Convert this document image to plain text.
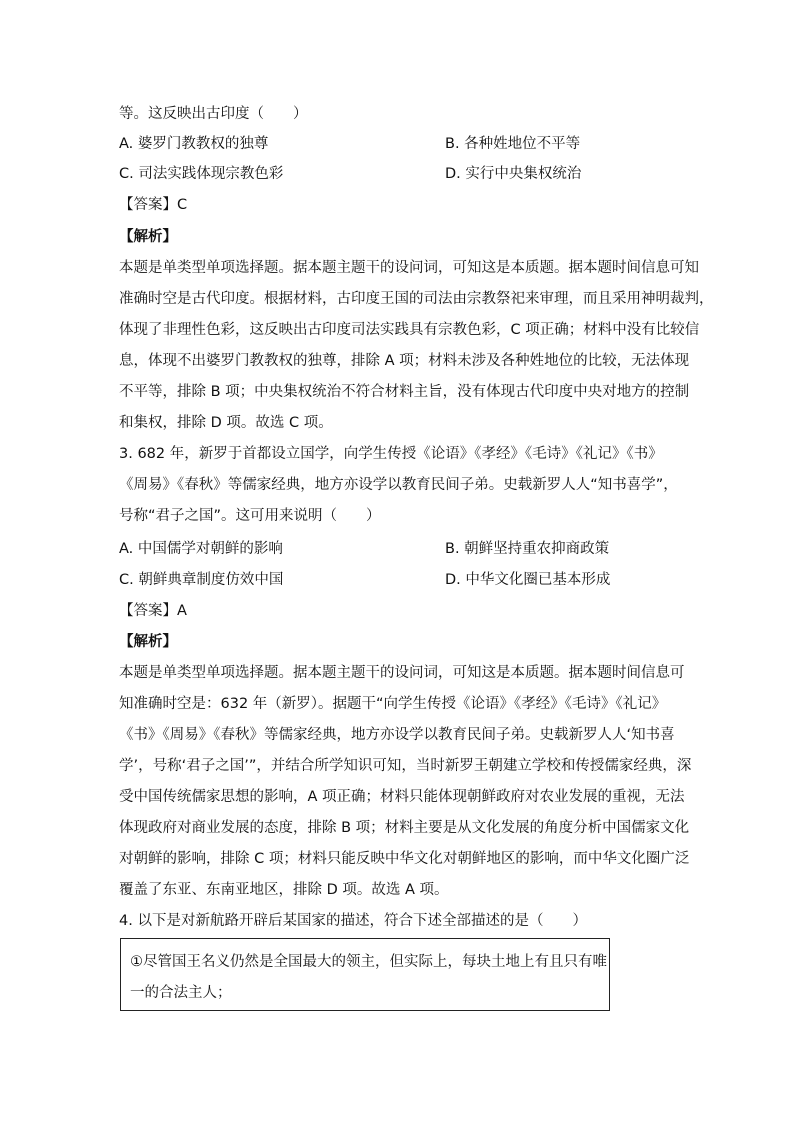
等。这反映出古印度（　　）
A. 婆罗门教教权的独尊	B. 各种姓地位不平等
C. 司法实践体现宗教色彩	D. 实行中央集权统治
【答案】C
【解析】
本题是单类型单项选择题。据本题主题干的设问词，可知这是本质题。据本题时间信息可知
准确时空是古代印度。根据材料，古印度王国的司法由宗教祭祀来审理，而且采用神明裁判，
体现了非理性色彩，这反映出古印度司法实践具有宗教色彩，C 项正确；材料中没有比较信
息，体现不出婆罗门教教权的独尊，排除 A 项；材料未涉及各种姓地位的比较，无法体现
不平等，排除 B 项；中央集权统治不符合材料主旨，没有体现古代印度中央对地方的控制
和集权，排除 D 项。故选 C 项。
3. 682 年，新罗于首都设立国学，向学生传授《论语》《孝经》《毛诗》《礼记》《书》
《周易》《春秋》等儒家经典，地方亦设学以教育民间子弟。史载新罗人人“知书喜学”，
号称“君子之国”。这可用来说明（　　）
A. 中国儒学对朝鲜的影响	B. 朝鲜坚持重农抑商政策
C. 朝鲜典章制度仿效中国	D. 中华文化圈已基本形成
【答案】A
【解析】
本题是单类型单项选择题。据本题主题干的设问词，可知这是本质题。据本题时间信息可
知准确时空是：632 年（新罗）。据题干“向学生传授《论语》《孝经》《毛诗》《礼记》
《书》《周易》《春秋》等儒家经典，地方亦设学以教育民间子弟。史载新罗人人‘知书喜
学’，号称‘君子之国’”，并结合所学知识可知，当时新罗王朝建立学校和传授儒家经典，深
受中国传统儒家思想的影响，A 项正确；材料只能体现朝鲜政府对农业发展的重视，无法
体现政府对商业发展的态度，排除 B 项；材料主要是从文化发展的角度分析中国儒家文化
对朝鲜的影响，排除 C 项；材料只能反映中华文化对朝鲜地区的影响，而中华文化圈广泛
覆盖了东亚、东南亚地区，排除 D 项。故选 A 项。
4. 以下是对新航路开辟后某国家的描述，符合下述全部描述的是（　　）
①尽管国王名义仍然是全国最大的领主，但实际上，每块土地上有且只有唯
一的合法主人；
